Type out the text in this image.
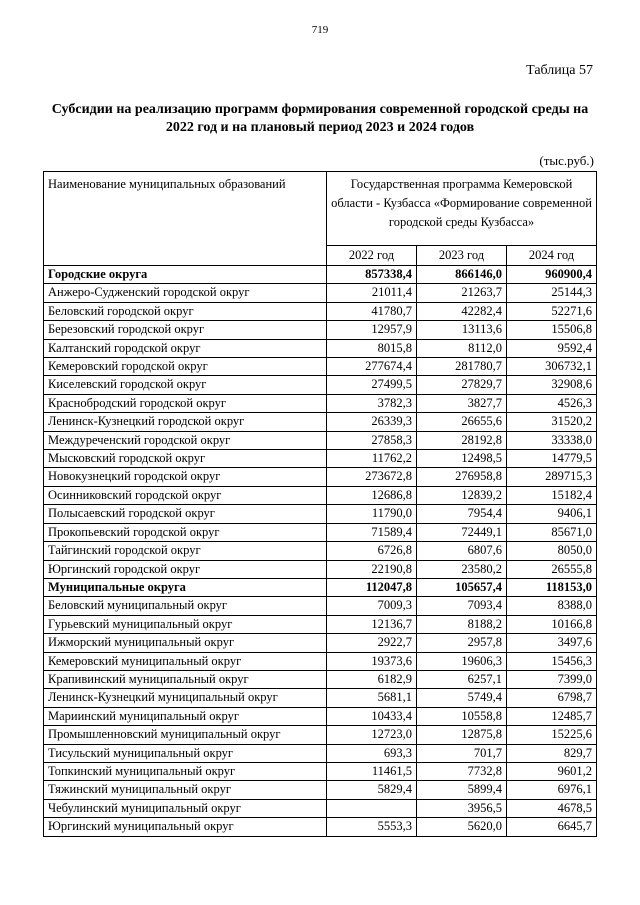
719
Таблица 57
Субсидии на реализацию программ формирования современной городской среды на
2022 год и на плановый период 2023 и 2024 годов
(тыс.руб.)
Наименование муниципальных образований	Государственная программа Кемеровской области - Кузбасса «Формирование современной городской среды Кузбасса»		
	2022 год	2023 год	2024 год
Городские округа	857338,4	866146,0	960900,4
Анжеро-Судженский городской округ	21011,4	21263,7	25144,3
Беловский городской округ	41780,7	42282,4	52271,6
Березовский городской округ	12957,9	13113,6	15506,8
Калтанский городской округ	8015,8	8112,0	9592,4
Кемеровский городской округ	277674,4	281780,7	306732,1
Киселевский городской округ	27499,5	27829,7	32908,6
Краснобродский городской округ	3782,3	3827,7	4526,3
Ленинск-Кузнецкий городской округ	26339,3	26655,6	31520,2
Междуреченский городской округ	27858,3	28192,8	33338,0
Мысковский городской округ	11762,2	12498,5	14779,5
Новокузнецкий городской округ	273672,8	276958,8	289715,3
Осинниковский городской округ	12686,8	12839,2	15182,4
Полысаевский городской округ	11790,0	7954,4	9406,1
Прокопьевский городской округ	71589,4	72449,1	85671,0
Тайгинский городской округ	6726,8	6807,6	8050,0
Юргинский городской округ	22190,8	23580,2	26555,8
Муниципальные округа	112047,8	105657,4	118153,0
Беловский муниципальный округ	7009,3	7093,4	8388,0
Гурьевский муниципальный округ	12136,7	8188,2	10166,8
Ижморский муниципальный округ	2922,7	2957,8	3497,6
Кемеровский муниципальный округ	19373,6	19606,3	15456,3
Крапивинский муниципальный округ	6182,9	6257,1	7399,0
Ленинск-Кузнецкий муниципальный округ	5681,1	5749,4	6798,7
Мариинский муниципальный округ	10433,4	10558,8	12485,7
Промышленновский муниципальный округ	12723,0	12875,8	15225,6
Тисульский муниципальный округ	693,3	701,7	829,7
Топкинский муниципальный округ	11461,5	7732,8	9601,2
Тяжинский муниципальный округ	5829,4	5899,4	6976,1
Чебулинский муниципальный округ		3956,5	4678,5
Юргинский муниципальный округ	5553,3	5620,0	6645,7
